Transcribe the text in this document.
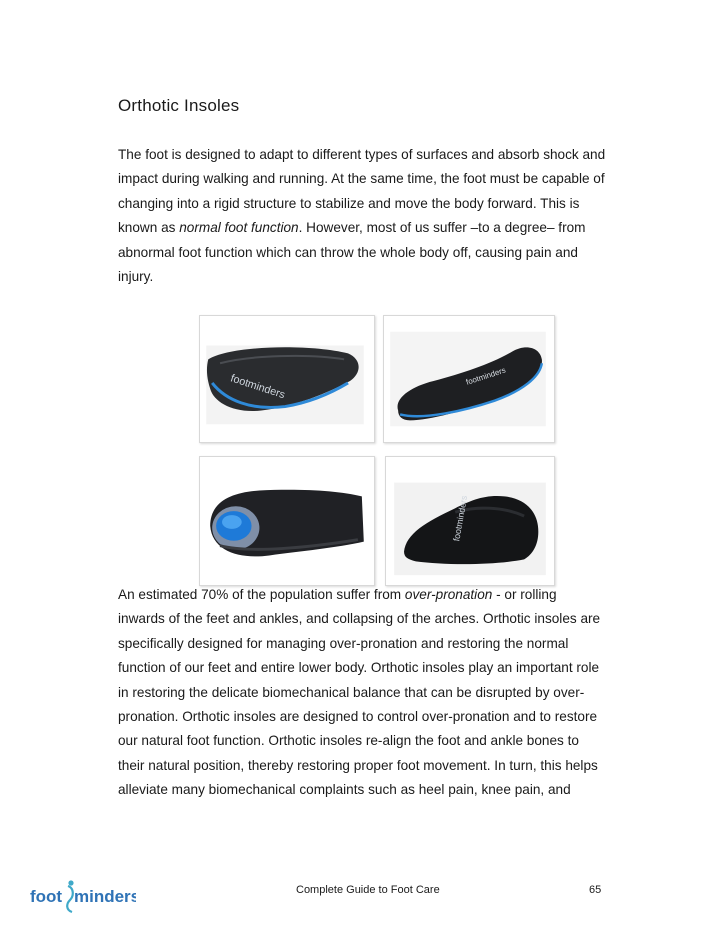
Orthotic Insoles
The foot is designed to adapt to different types of surfaces and absorb shock and
impact during walking and running. At the same time, the foot must be capable of
changing into a rigid structure to stabilize and move the body forward. This is
known as normal foot function. However, most of us suffer –to a degree– from
abnormal foot function which can throw the whole body off, causing pain and
injury.
footminders	footminders
footminders
An estimated 70% of the population suffer from over-pronation - or rolling
inwards of the feet and ankles, and collapsing of the arches. Orthotic insoles are
specifically designed for managing over-pronation and restoring the normal
function of our feet and entire lower body. Orthotic insoles play an important role
in restoring the delicate biomechanical balance that can be disrupted by over-
pronation. Orthotic insoles are designed to control over-pronation and to restore
our natural foot function. Orthotic insoles re-align the foot and ankle bones to
their natural position, thereby restoring proper foot movement. In turn, this helps
alleviate many biomechanical complaints such as heel pain, knee pain, and
foot minders	Complete Guide to Foot Care	65
